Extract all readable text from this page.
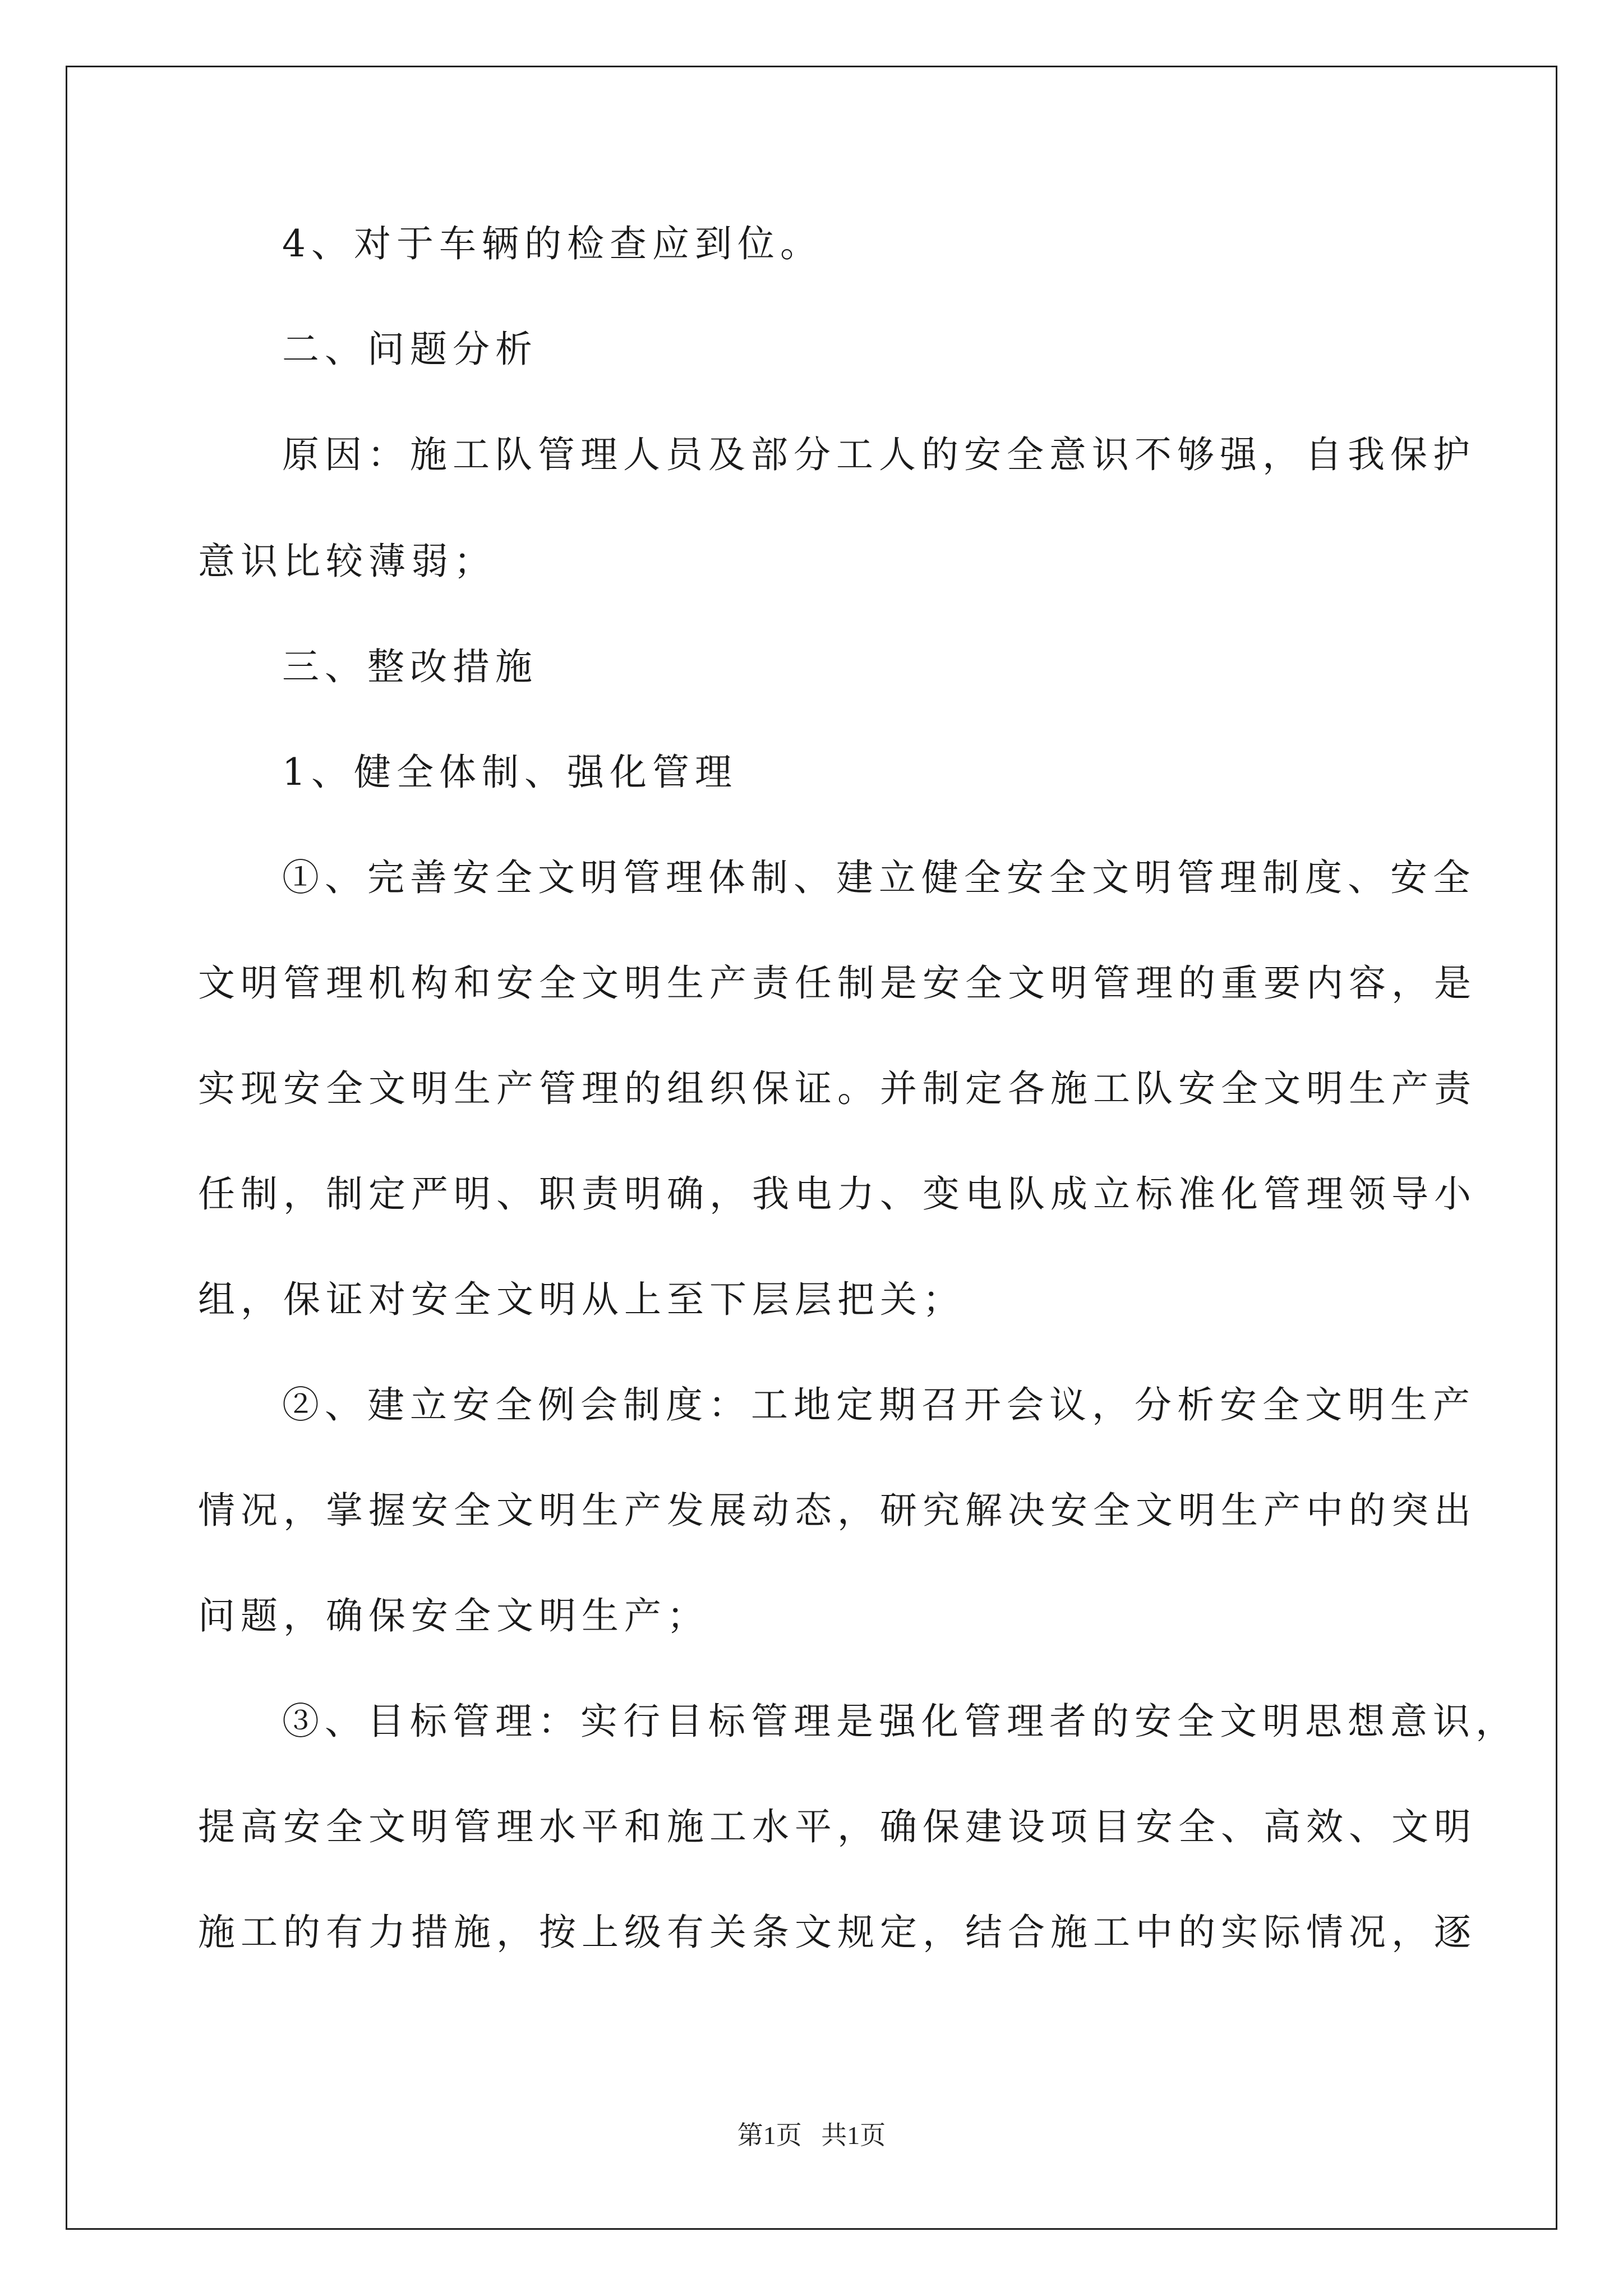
4、对于车辆的检查应到位。
二、问题分析
原因：施工队管理人员及部分工人的安全意识不够强，自我保护
意识比较薄弱；
三、整改措施
1、健全体制、强化管理
①、完善安全文明管理体制、建立健全安全文明管理制度、安全
文明管理机构和安全文明生产责任制是安全文明管理的重要内容，是
实现安全文明生产管理的组织保证。并制定各施工队安全文明生产责
任制，制定严明、职责明确，我电力、变电队成立标准化管理领导小
组，保证对安全文明从上至下层层把关；
②、建立安全例会制度：工地定期召开会议，分析安全文明生产
情况，掌握安全文明生产发展动态，研究解决安全文明生产中的突出
问题，确保安全文明生产；
③、目标管理：实行目标管理是强化管理者的安全文明思想意识，
提高安全文明管理水平和施工水平，确保建设项目安全、高效、文明
施工的有力措施，按上级有关条文规定，结合施工中的实际情况，逐
第1页   共1页
